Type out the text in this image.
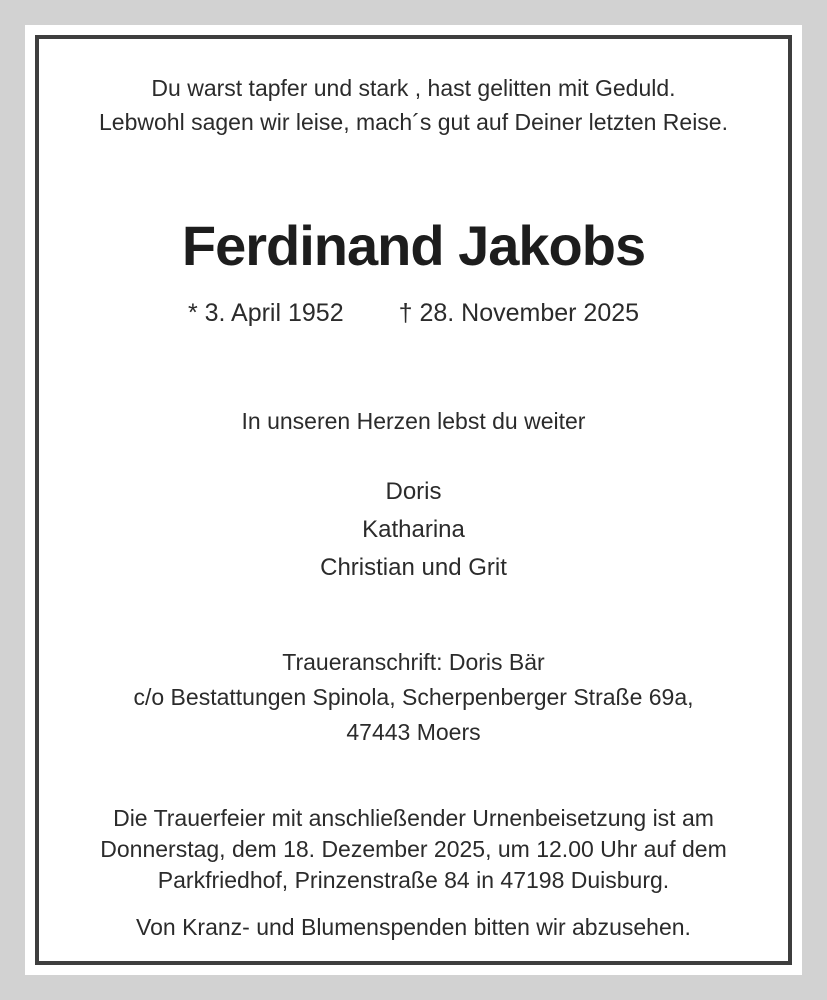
Du warst tapfer und stark , hast gelitten mit Geduld.
Lebwohl sagen wir leise, mach´s gut auf Deiner letzten Reise.
Ferdinand Jakobs
* 3. April 1952 † 28. November 2025
In unseren Herzen lebst du weiter
Doris
Katharina
Christian und Grit
Traueranschrift: Doris Bär
c/o Bestattungen Spinola, Scherpenberger Straße 69a,
47443 Moers
Die Trauerfeier mit anschließender Urnenbeisetzung ist am
Donnerstag, dem 18. Dezember 2025, um 12.00 Uhr auf dem
Parkfriedhof, Prinzenstraße 84 in 47198 Duisburg.
Von Kranz- und Blumenspenden bitten wir abzusehen.
